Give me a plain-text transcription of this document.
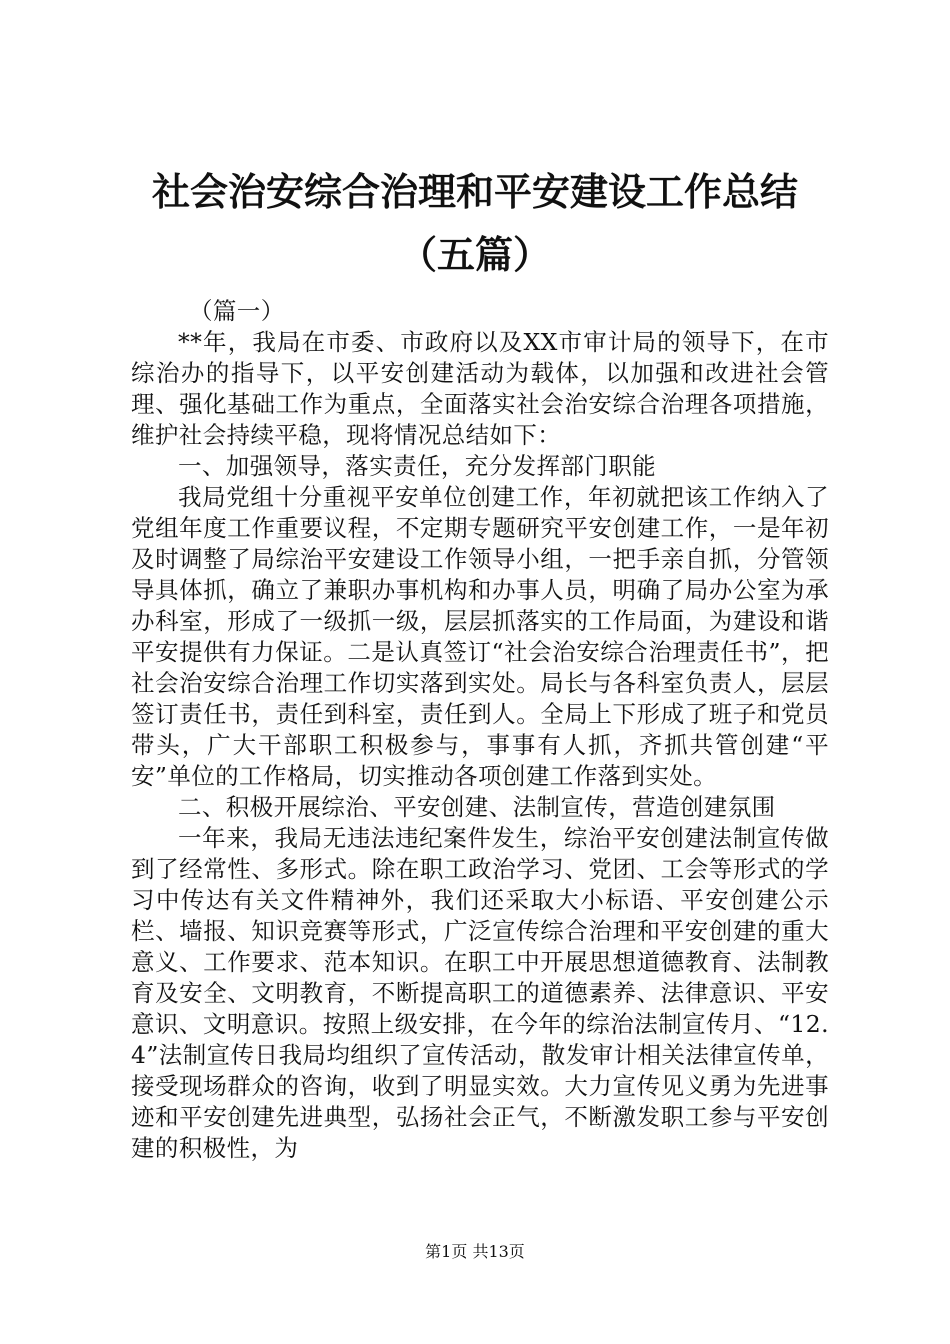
社会治安综合治理和平安建设工作总结（五篇）

（篇一）

**年，我局在市委、市政府以及XX市审计局的领导下，在市综治办的指导下，以平安创建活动为载体，以加强和改进社会管理、强化基础工作为重点，全面落实社会治安综合治理各项措施，维护社会持续平稳，现将情况总结如下：

一、加强领导，落实责任，充分发挥部门职能

我局党组十分重视平安单位创建工作，年初就把该工作纳入了党组年度工作重要议程，不定期专题研究平安创建工作，一是年初及时调整了局综治平安建设工作领导小组，一把手亲自抓，分管领导具体抓，确立了兼职办事机构和办事人员，明确了局办公室为承办科室，形成了一级抓一级，层层抓落实的工作局面，为建设和谐平安提供有力保证。二是认真签订“社会治安综合治理责任书”，把社会治安综合治理工作切实落到实处。局长与各科室负责人，层层签订责任书，责任到科室，责任到人。全局上下形成了班子和党员带头，广大干部职工积极参与，事事有人抓，齐抓共管创建“平安”单位的工作格局，切实推动各项创建工作落到实处。

二、积极开展综治、平安创建、法制宣传，营造创建氛围

一年来，我局无违法违纪案件发生，综治平安创建法制宣传做到了经常性、多形式。除在职工政治学习、党团、工会等形式的学习中传达有关文件精神外，我们还采取大小标语、平安创建公示栏、墙报、知识竞赛等形式，广泛宣传综合治理和平安创建的重大意义、工作要求、范本知识。在职工中开展思想道德教育、法制教育及安全、文明教育，不断提高职工的道德素养、法律意识、平安意识、文明意识。按照上级安排，在今年的综治法制宣传月、“12.4”法制宣传日我局均组织了宣传活动，散发审计相关法律宣传单，接受现场群众的咨询，收到了明显实效。大力宣传见义勇为先进事迹和平安创建先进典型，弘扬社会正气，不断激发职工参与平安创建的积极性，为

第1页 共13页
